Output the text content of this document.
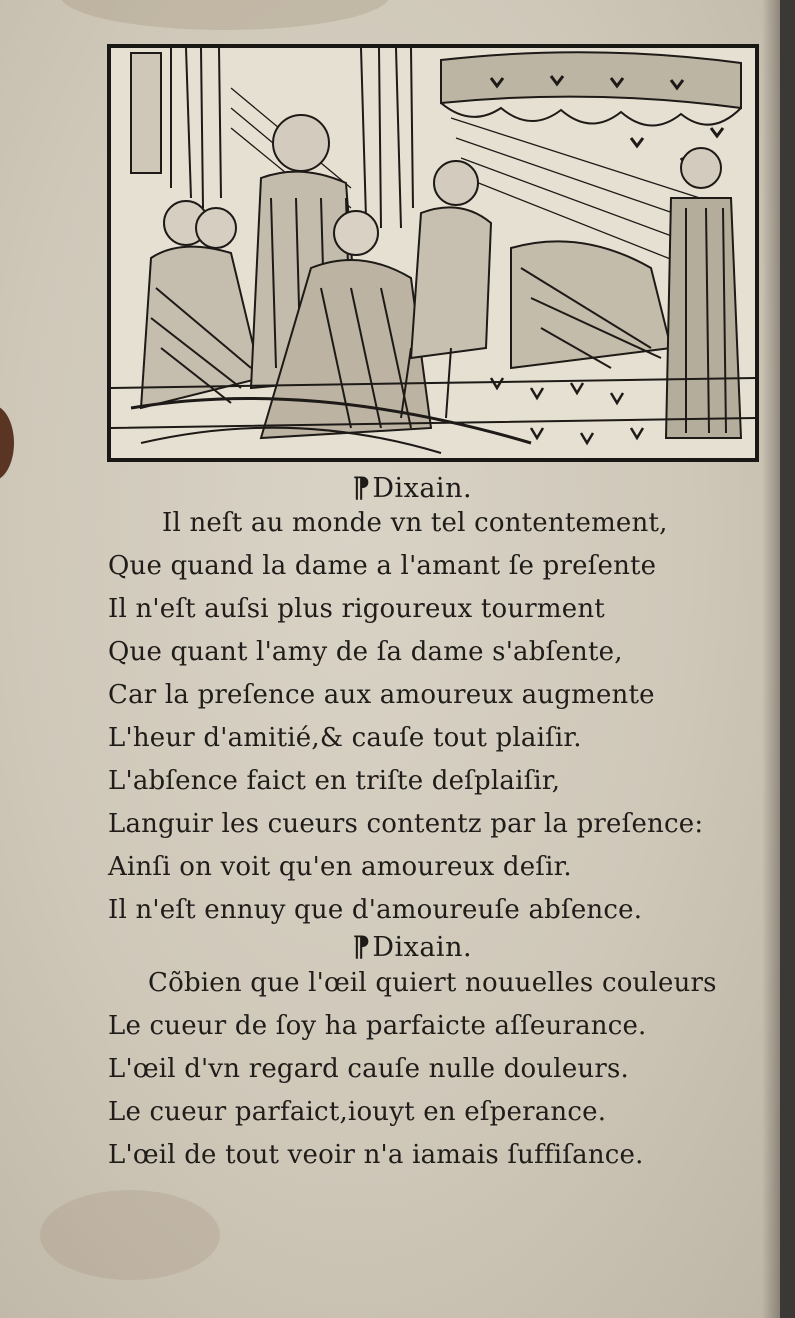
¶Dixain.
Il neſt au monde vn tel contentement,
Que quand la dame a l'amant ſe preſente
Il n'eſt auſsi plus rigoureux tourment
Que quant l'amy de ſa dame s'abſente,
Car la preſence aux amoureux augmente
L'heur d'amitié,& cauſe tout plaiſir.
L'abſence faict en triſte deſplaiſir,
Languir les cueurs contentz par la preſence:
Ainſi on voit qu'en amoureux deſir.
Il n'eſt ennuy que d'amoureuſe abſence.
¶Dixain.
Cõbien que l'œil quiert nouuelles couleurs
Le cueur de ſoy ha parfaicte aſſeurance.
L'œil d'vn regard cauſe nulle douleurs.
Le cueur parfaict,iouyt en eſperance.
L'œil de tout veoir n'a iamais ſuffiſance.
